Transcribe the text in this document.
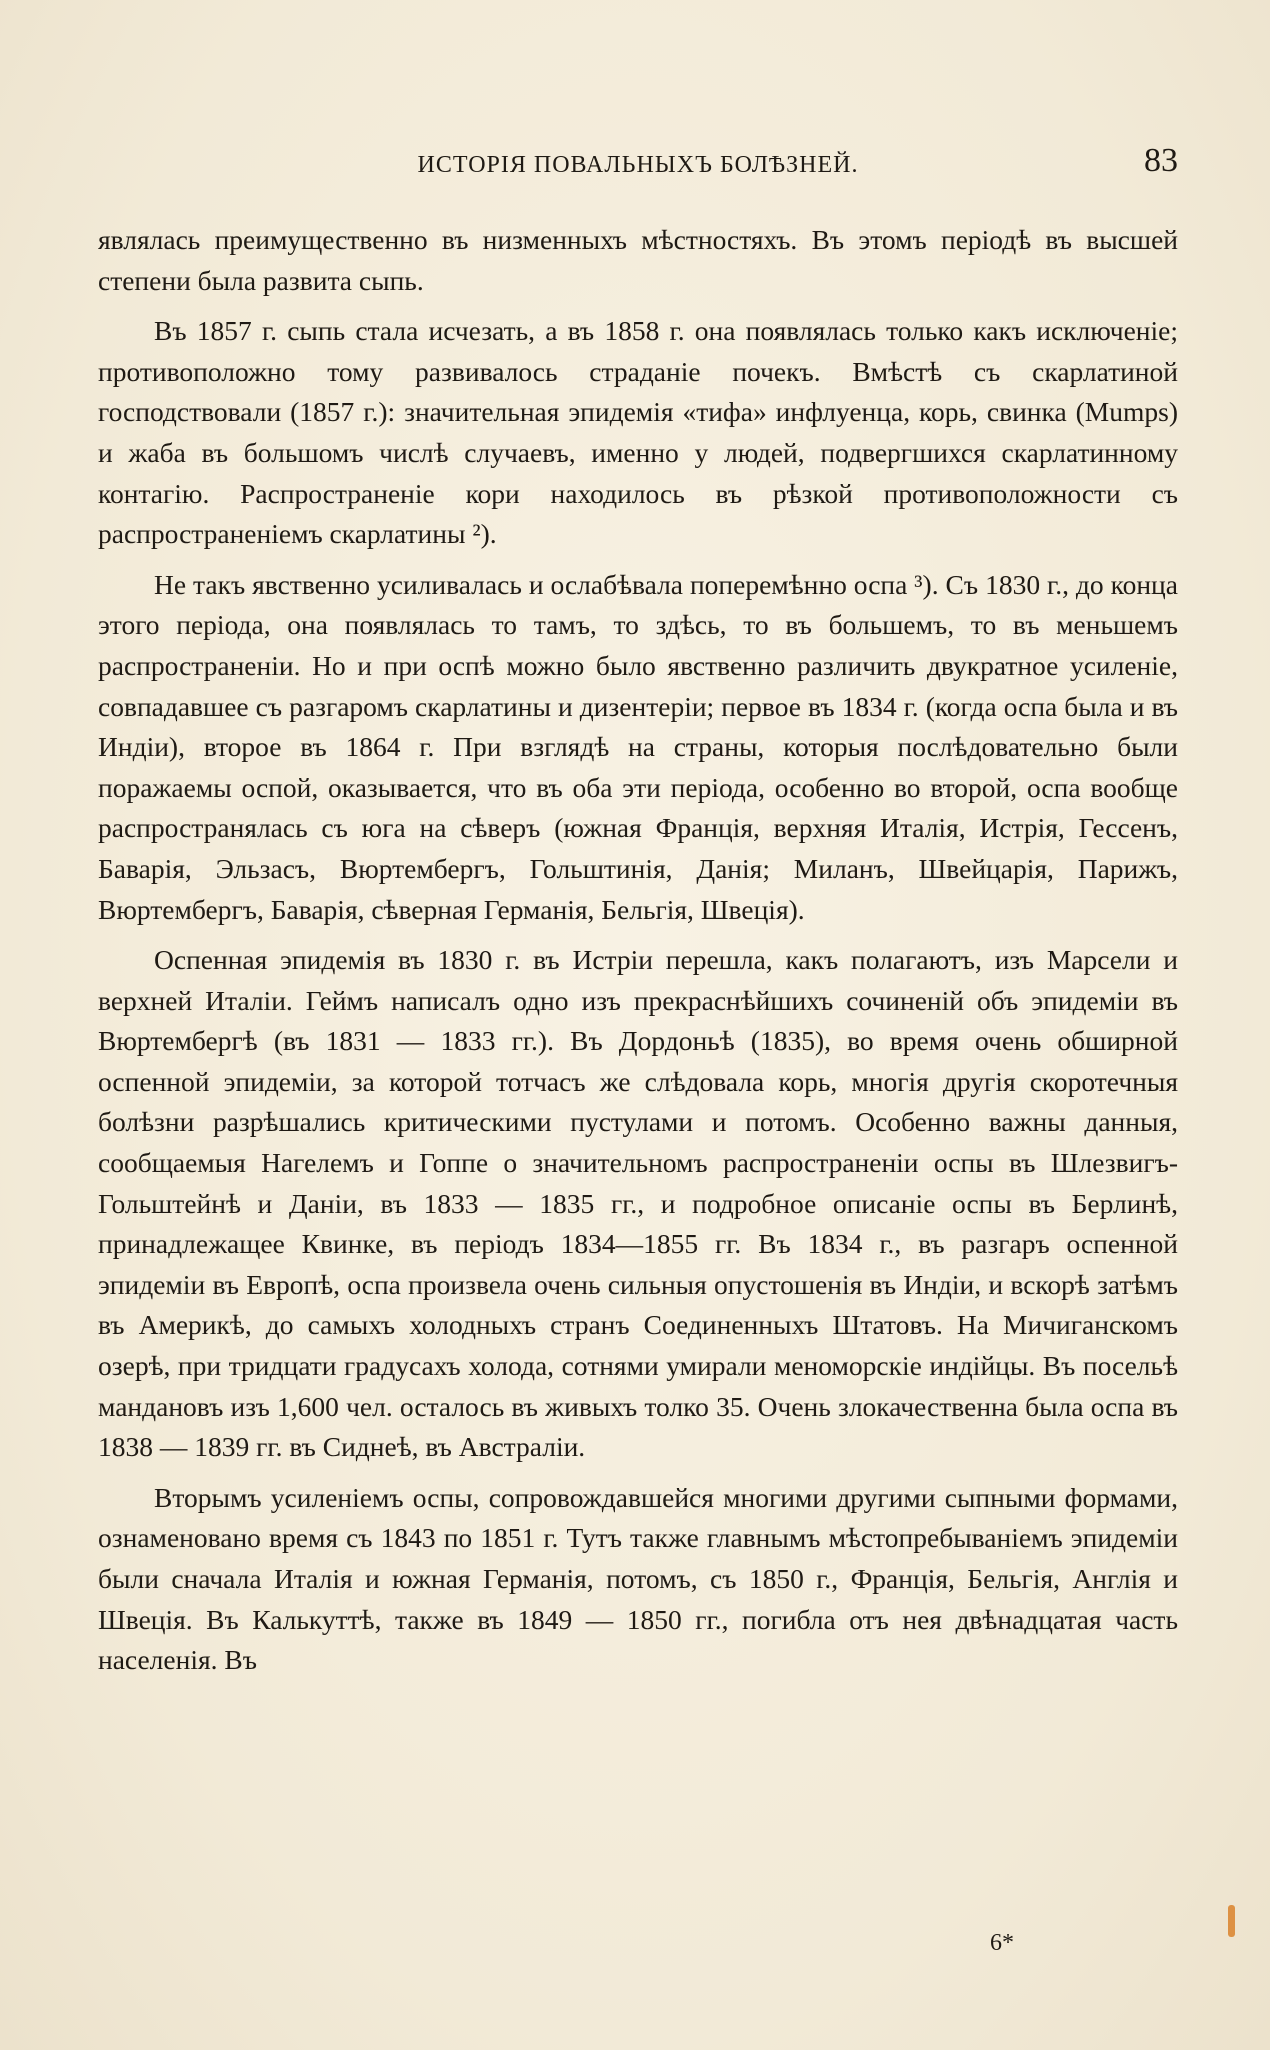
ИСТОРІЯ ПОВАЛЬНЫХЪ БОЛѢЗНЕЙ.	83

являлась преимущественно въ низменныхъ мѣстностяхъ. Въ этомъ періодѣ въ высшей степени была развита сыпь.

Въ 1857 г. сыпь стала исчезать, а въ 1858 г. она появлялась только какъ исключеніе; противоположно тому развивалось страданіе почекъ. Вмѣстѣ съ скарлатиной господствовали (1857 г.): значительная эпидемія «тифа» инфлуенца, корь, свинка (Mumps) и жаба въ большомъ числѣ случаевъ, именно у людей, подвергшихся скарлатинному контагію. Распространеніе кори находилось въ рѣзкой противоположности съ распространеніемъ скарлатины ²).

Не такъ явственно усиливалась и ослабѣвала поперемѣнно оспа ³). Съ 1830 г., до конца этого періода, она появлялась то тамъ, то здѣсь, то въ большемъ, то въ меньшемъ распространеніи. Но и при оспѣ можно было явственно различить двукратное усиленіе, совпадавшее съ разгаромъ скарлатины и дизентеріи; первое въ 1834 г. (когда оспа была и въ Индіи), второе въ 1864 г. При взглядѣ на страны, которыя послѣдовательно были поражаемы оспой, оказывается, что въ оба эти періода, особенно во второй, оспа вообще распространялась съ юга на сѣверъ (южная Франція, верхняя Италія, Истрія, Гессенъ, Баварія, Эльзасъ, Вюртембергъ, Гольштинія, Данія; Миланъ, Швейцарія, Парижъ, Вюртембергъ, Баварія, сѣверная Германія, Бельгія, Швеція).

Оспенная эпидемія въ 1830 г. въ Истріи перешла, какъ полагаютъ, изъ Марсели и верхней Италіи. Геймъ написалъ одно изъ прекраснѣйшихъ сочиненій объ эпидеміи въ Вюртембергѣ (въ 1831 — 1833 гг.). Въ Дордоньѣ (1835), во время очень обширной оспенной эпидеміи, за которой тотчасъ же слѣдовала корь, многія другія скоротечныя болѣзни разрѣшались критическими пустулами и потомъ. Особенно важны данныя, сообщаемыя Нагелемъ и Гоппе о значительномъ распространеніи оспы въ Шлезвигъ-Гольштейнѣ и Даніи, въ 1833 — 1835 гг., и подробное описаніе оспы въ Берлинѣ, принадлежащее Квинке, въ періодъ 1834—1855 гг. Въ 1834 г., въ разгаръ оспенной эпидеміи въ Европѣ, оспа произвела очень сильныя опустошенія въ Индіи, и вскорѣ затѣмъ въ Америкѣ, до самыхъ холодныхъ странъ Соединенныхъ Штатовъ. На Мичиганскомъ озерѣ, при тридцати градусахъ холода, сотнями умирали меноморскіе индійцы. Въ посельѣ мандановъ изъ 1,600 чел. осталось въ живыхъ толко 35. Очень злокачественна была оспа въ 1838 — 1839 гг. въ Сиднеѣ, въ Австраліи.

Вторымъ усиленіемъ оспы, сопровождавшейся многими другими сыпными формами, ознаменовано время съ 1843 по 1851 г. Тутъ также главнымъ мѣстопребываніемъ эпидеміи были сначала Италія и южная Германія, потомъ, съ 1850 г., Франція, Бельгія, Англія и Швеція. Въ Калькуттѣ, также въ 1849 — 1850 гг., погибла отъ нея двѣнадцатая часть населенія. Въ

6*
